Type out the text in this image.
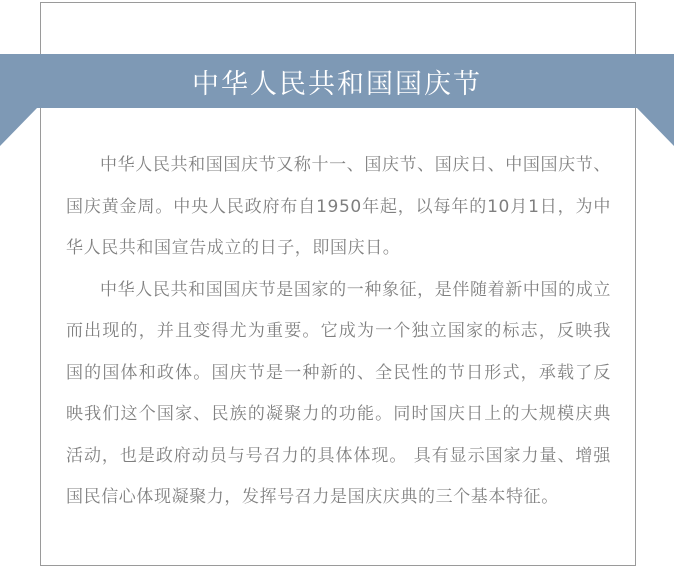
中华人民共和国国庆节

中华人民共和国国庆节又称十一、国庆节、国庆日、中国国庆节、国庆黄金周。中央人民政府布自1950年起，以每年的10月1日，为中华人民共和国宣告成立的日子，即国庆日。

中华人民共和国国庆节是国家的一种象征，是伴随着新中国的成立而出现的，并且变得尤为重要。它成为一个独立国家的标志，反映我国的国体和政体。国庆节是一种新的、全民性的节日形式，承载了反映我们这个国家、民族的凝聚力的功能。同时国庆日上的大规模庆典活动，也是政府动员与号召力的具体体现。 具有显示国家力量、增强国民信心体现凝聚力，发挥号召力是国庆庆典的三个基本特征。
